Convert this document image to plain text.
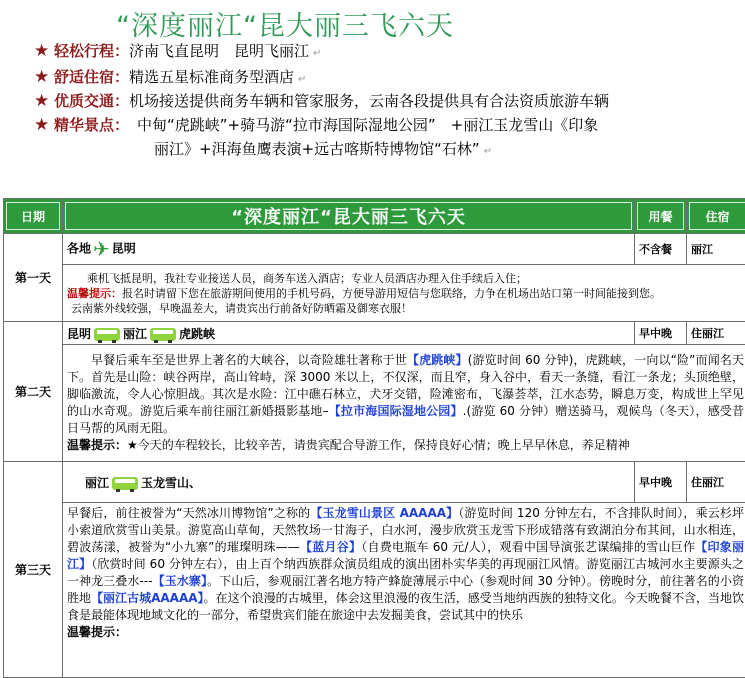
“深度丽江“昆大丽三飞六天
★ 轻松行程：济南飞直昆明　昆明飞丽江 ↵
★ 舒适住宿：精选五星标准商务型酒店 ↵
★ 优质交通：机场接送提供商务车辆和管家服务，云南各段提供具有合法资质旅游车辆
★ 精华景点： 中甸“虎跳峡”+骑马游“拉市海国际湿地公园”　+丽江玉龙雪山《印象
丽江》+洱海鱼鹰表演+远古喀斯特博物馆“石林” ↵
日期	“深度丽江“昆大丽三飞六天	用餐	住宿

第一天	各地 ✈ 昆明	不含餐	丽江

	乘机飞抵昆明，我社专业接送人员，商务车送入酒店；专业人员酒店办理入住手续后入住；
温馨提示：报名时请留下您在旅游期间使用的手机号码，方便导游用短信与您联络，力争在机场出站口第一时间能接到您。
云南紫外线较强，早晚温差大，请贵宾出行前备好防晒霜及御寒衣服！		

第二天	昆明 丽江 虎跳峡	早中晚	住丽江
	早餐后乘车至是世界上著名的大峡谷，以奇险雄壮著称于世【虎跳峡】(游览时间 60 分钟)，虎跳峡，一向以“险”而闻名天下。首先是山险：峡谷两岸，高山耸峙，深 3000 米以上，不仅深，而且窄，身入谷中，看天一条缝，看江一条龙；头顶绝壁，脚临激流，令人心惊胆战。其次是水险：江中礁石林立，犬牙交错，险滩密布，飞瀑荟萃，江水态势，瞬息万变，构成世上罕见的山水奇观。游览后乘车前往丽江新婚摄影基地–【拉市海国际湿地公园】.(游览 60 分钟）赠送骑马，观候鸟（冬天），感受昔日马帮的风雨无阻。
温馨提示：★今天的车程较长，比较辛苦，请贵宾配合导游工作，保持良好心情；晚上早早休息，养足精神		
第三天	丽江 玉龙雪山、	早中晚	住丽江
	早餐后，前往被誉为“天然冰川博物馆”之称的【玉龙雪山景区 AAAAA】（游览时间 120 分钟左右，不含排队时间），乘云杉坪小索道欣赏雪山美景。游览高山草甸，天然牧场一甘海子，白水河，漫步欣赏玉龙雪下形成错落有致湖泊分布其间，山水相连，碧波荡漾，被誉为“小九寨”的璀璨明珠——【蓝月谷】（自费电瓶车 60 元/人），观看中国导演张艺谋编排的雪山巨作【印象丽江】（欣赏时间 60 分钟左右），由上百个纳西族群众演员组成的演出团朴实华美的再现丽江风情。游览丽江古城河水主要源头之一神龙三叠水---【玉水寨】。下山后，参观丽江著名地方特产蜂旋薄展示中心（参观时间 30 分钟）。傍晚时分，前往著名的小资胜地【丽江古城AAAAA】。在这个浪漫的古城里，体会这里浪漫的夜生活，感受当地纳西族的独特文化。今天晚餐不含，当地饮食是最能体现地域文化的一部分，希望贵宾们能在旅途中去发掘美食，尝试其中的快乐
温馨提示：		
